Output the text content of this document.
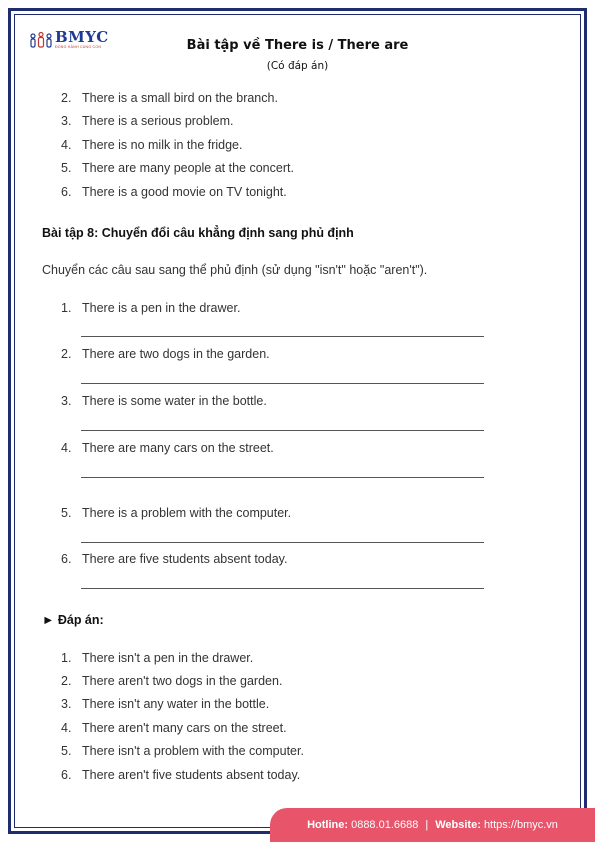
BMYC
ĐỒNG HÀNH CÙNG CON	Bài tập về There is / There are
(Có đáp án)
2. There is a small bird on the branch.
3. There is a serious problem.
4. There is no milk in the fridge.
5. There are many people at the concert.
6. There is a good movie on TV tonight.
Bài tập 8: Chuyển đổi câu khẳng định sang phủ định
Chuyển các câu sau sang thể phủ định (sử dụng "isn't" hoặc "aren't").
1. There is a pen in the drawer.
2. There are two dogs in the garden.
3. There is some water in the bottle.
4. There are many cars on the street.
5. There is a problem with the computer.
6. There are five students absent today.
► Đáp án:
1. There isn't a pen in the drawer.
2. There aren't two dogs in the garden.
3. There isn't any water in the bottle.
4. There aren't many cars on the street.
5. There isn't a problem with the computer.
6. There aren't five students absent today.
Hotline:
0888.01.6688 | Website:
https://bmyc.vn
